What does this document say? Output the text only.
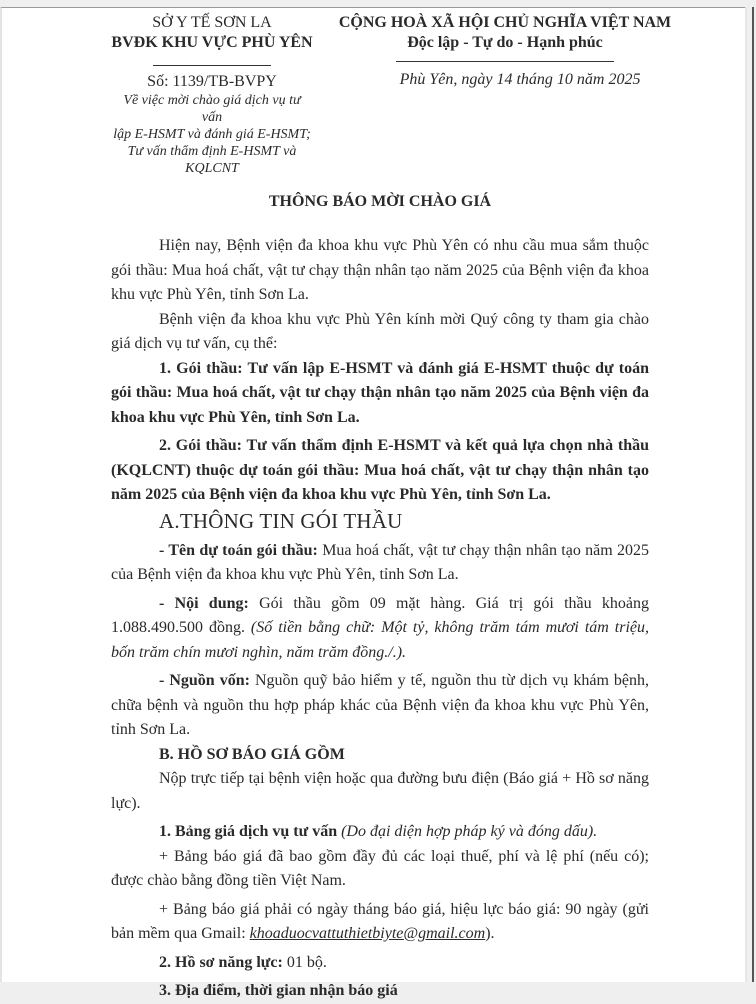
SỞ Y TẾ SƠN LA
BVĐK KHU VỰC PHÙ YÊN
Số: 1139/TB-BVPY
Về việc mời chào giá dịch vụ tư vấn
lập E-HSMT và đánh giá E-HSMT;
Tư vấn thẩm định E-HSMT và
KQLCNT
CỘNG HOÀ XÃ HỘI CHỦ NGHĨA VIỆT NAM
Độc lập - Tự do - Hạnh phúc
Phù Yên, ngày 14 tháng 10 năm 2025
THÔNG BÁO MỜI CHÀO GIÁ

Hiện nay, Bệnh viện đa khoa khu vực Phù Yên có nhu cầu mua sắm thuộc gói thầu: Mua hoá chất, vật tư chạy thận nhân tạo năm 2025 của Bệnh viện đa khoa khu vực Phù Yên, tỉnh Sơn La.

Bệnh viện đa khoa khu vực Phù Yên kính mời Quý công ty tham gia chào giá dịch vụ tư vấn, cụ thể:

1. Gói thầu: Tư vấn lập E-HSMT và đánh giá E-HSMT thuộc dự toán gói thầu: Mua hoá chất, vật tư chạy thận nhân tạo năm 2025 của Bệnh viện đa khoa khu vực Phù Yên, tỉnh Sơn La.

2. Gói thầu: Tư vấn thẩm định E-HSMT và kết quả lựa chọn nhà thầu (KQLCNT) thuộc dự toán gói thầu: Mua hoá chất, vật tư chạy thận nhân tạo năm 2025 của Bệnh viện đa khoa khu vực Phù Yên, tỉnh Sơn La.

A.THÔNG TIN GÓI THẦU

- Tên dự toán gói thầu: Mua hoá chất, vật tư chạy thận nhân tạo năm 2025 của Bệnh viện đa khoa khu vực Phù Yên, tỉnh Sơn La.

- Nội dung: Gói thầu gồm 09 mặt hàng. Giá trị gói thầu khoảng 1.088.490.500 đồng. (Số tiền bằng chữ: Một tỷ, không trăm tám mươi tám triệu, bốn trăm chín mươi nghìn, năm trăm đồng./.).

- Nguồn vốn: Nguồn quỹ bảo hiểm y tế, nguồn thu từ dịch vụ khám bệnh, chữa bệnh và nguồn thu hợp pháp khác của Bệnh viện đa khoa khu vực Phù Yên, tỉnh Sơn La.

B. HỒ SƠ BÁO GIÁ GỒM

Nộp trực tiếp tại bệnh viện hoặc qua đường bưu điện (Báo giá + Hồ sơ năng lực).

1. Bảng giá dịch vụ tư vấn (Do đại diện hợp pháp ký và đóng dấu).

+ Bảng báo giá đã bao gồm đầy đủ các loại thuế, phí và lệ phí (nếu có); được chào bằng đồng tiền Việt Nam.

+ Bảng báo giá phải có ngày tháng báo giá, hiệu lực báo giá: 90 ngày (gửi bản mềm qua Gmail: khoaduocvattuthietbiyte@gmail.com).

2. Hồ sơ năng lực: 01 bộ.

3. Địa điểm, thời gian nhận báo giá
